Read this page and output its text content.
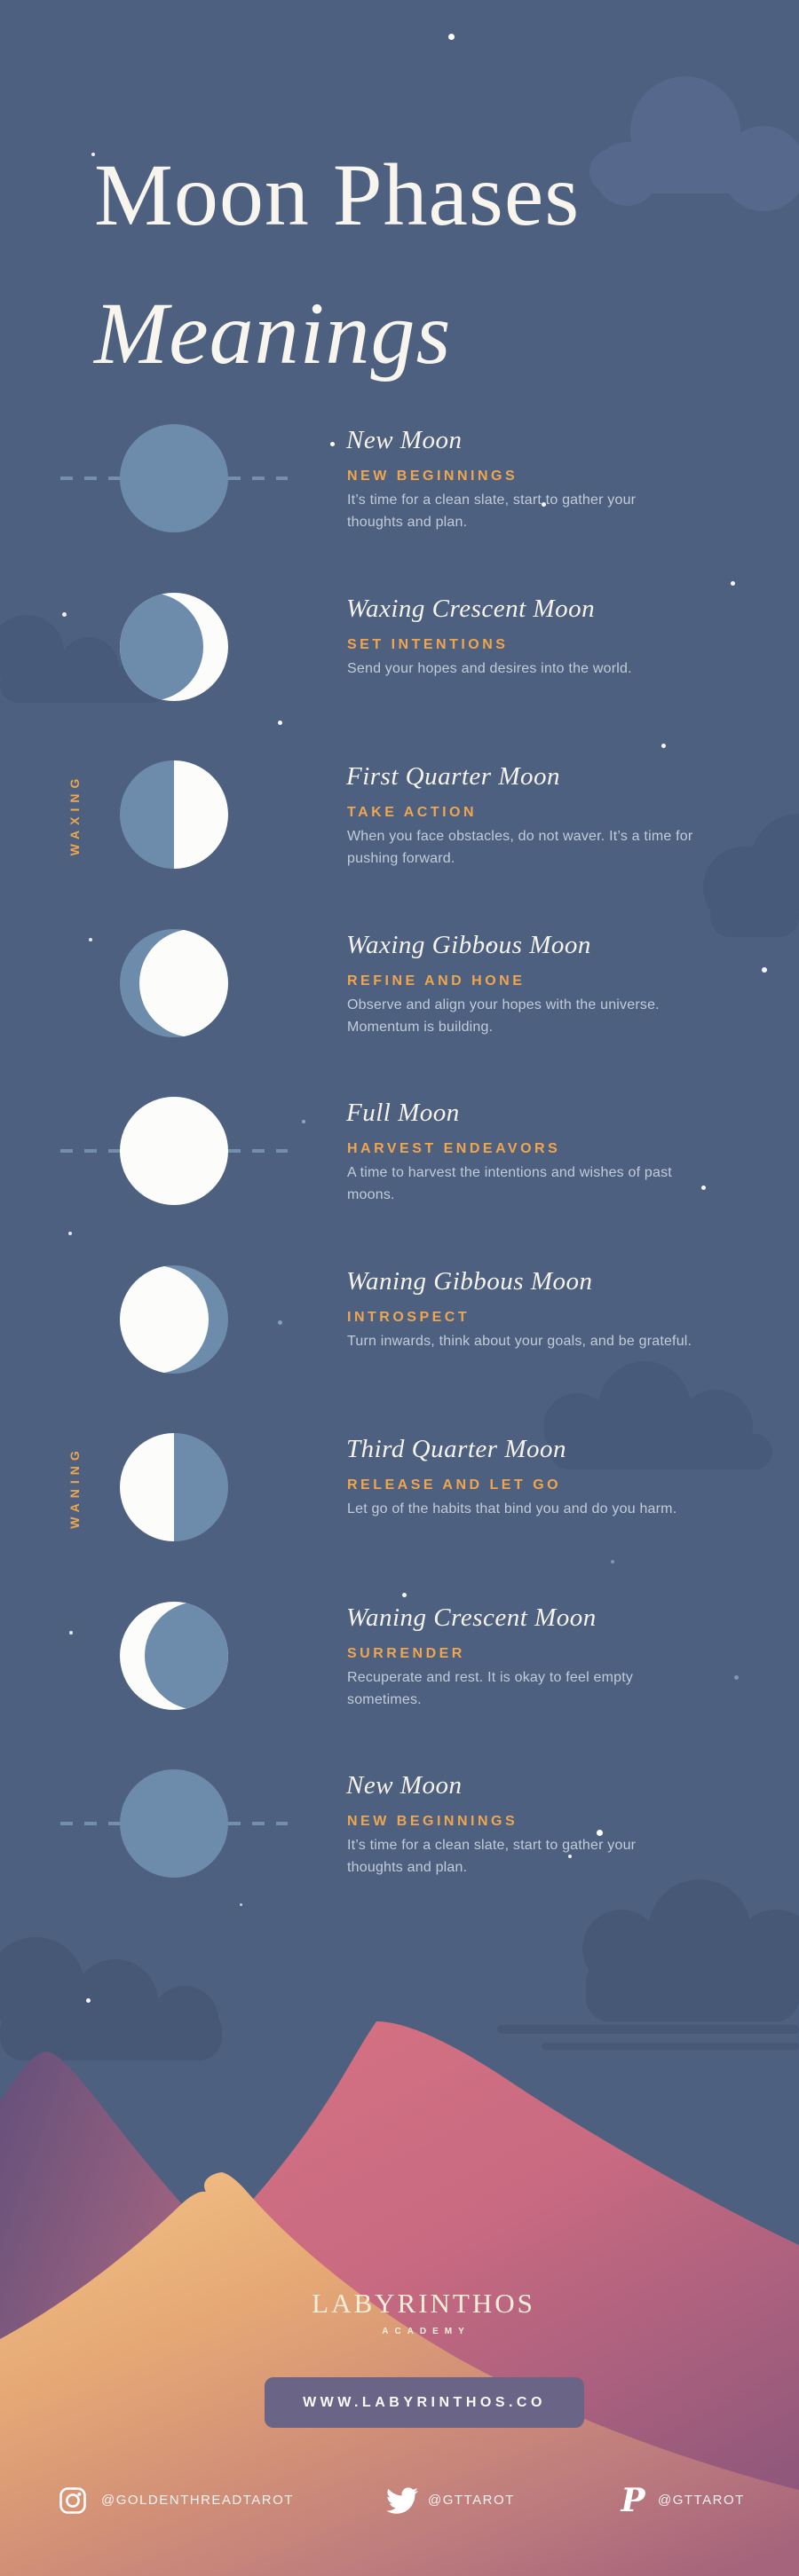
Moon Phases
Meanings
WAXING
WANING
New Moon
NEW BEGINNINGS

It’s time for a clean slate, start to gather your thoughts and plan.

Waxing Crescent Moon
SET INTENTIONS

Send your hopes and desires into the world.

First Quarter Moon
TAKE ACTION

When you face obstacles, do not waver. It’s a time for pushing forward.

Waxing Gibbous Moon
REFINE AND HONE

Observe and align your hopes with the universe. Momentum is building.

Full Moon
HARVEST ENDEAVORS

A time to harvest the intentions and wishes of past moons.

Waning Gibbous Moon
INTROSPECT

Turn inwards, think about your goals, and be grateful.

Third Quarter Moon
RELEASE AND LET GO

Let go of the habits that bind you and do you harm.

Waning Crescent Moon
SURRENDER

Recuperate and rest. It is okay to feel empty sometimes.

New Moon
NEW BEGINNINGS

It’s time for a clean slate, start to gather your thoughts and plan.

LABYRINTHOS
ACADEMY
WWW.LABYRINTHOS.CO
@GOLDENTHREADTAROT	@GTTAROT	P @GTTAROT
